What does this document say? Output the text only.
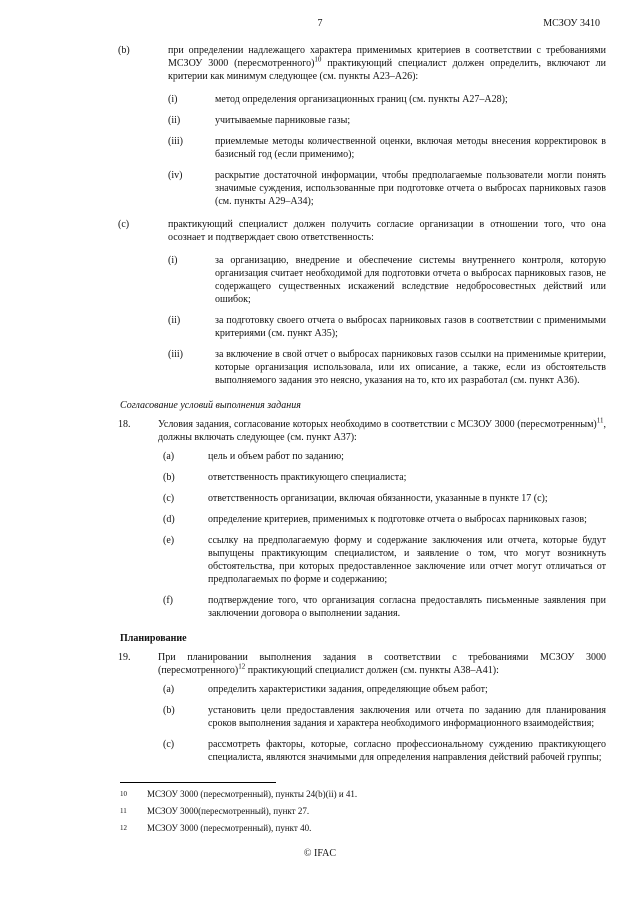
7	МСЗОУ 3410
(b)	при определении надлежащего характера применимых критериев в соответствии с требованиями МСЗОУ 3000 (пересмотренного)$^{10}$ практикующий специалист должен определить, включают ли критерии как минимум следующее (см. пункты А23–А26):
(i)	метод определения организационных границ (см. пункты А27–А28);
(ii)	учитываемые парниковые газы;
(iii)	приемлемые методы количественной оценки, включая методы внесения корректировок в базисный год (если применимо);
(iv)	раскрытие достаточной информации, чтобы предполагаемые пользователи могли понять значимые суждения, использованные при подготовке отчета о выбросах парниковых газов (см. пункты А29–А34);
(c)	практикующий специалист должен получить согласие организации в отношении того, что она осознает и подтверждает свою ответственность:
(i)	за организацию, внедрение и обеспечение системы внутреннего контроля, которую организация считает необходимой для подготовки отчета о выбросах парниковых газов, не содержащего существенных искажений вследствие недобросовестных действий или ошибок;
(ii)	за подготовку своего отчета о выбросах парниковых газов в соответствии с применимыми критериями (см. пункт А35);
(iii)	за включение в свой отчет о выбросах парниковых газов ссылки на применимые критерии, которые организация использовала, или их описание, а также, если из обстоятельств выполняемого задания это неясно, указания на то, кто их разработал (см. пункт А36).
Согласование условий выполнения задания
18.	Условия задания, согласование которых необходимо в соответствии с МСЗОУ 3000 (пересмотренным)$^{11}$, должны включать следующее (см. пункт А37):
(a)	цель и объем работ по заданию;
(b)	ответственность практикующего специалиста;
(c)	ответственность организации, включая обязанности, указанные в пункте 17 (c);
(d)	определение критериев, применимых к подготовке отчета о выбросах парниковых газов;
(e)	ссылку на предполагаемую форму и содержание заключения или отчета, которые будут выпущены практикующим специалистом, и заявление о том, что могут возникнуть обстоятельства, при которых предоставленное заключение или отчет могут отличаться от предполагаемых по форме и содержанию;
(f)	подтверждение того, что организация согласна предоставлять письменные заявления при заключении договора о выполнении задания.
Планирование
19.	При планировании выполнения задания в соответствии с требованиями МСЗОУ 3000 (пересмотренного)$^{12}$ практикующий специалист должен (см. пункты А38–А41):
(a)	определить характеристики задания, определяющие объем работ;
(b)	установить цели предоставления заключения или отчета по заданию для планирования сроков выполнения задания и характера необходимого информационного взаимодействия;
(c)	рассмотреть факторы, которые, согласно профессиональному суждению практикующего специалиста, являются значимыми для определения направления действий рабочей группы;
10 МСЗОУ 3000 (пересмотренный), пункты 24(b)(ii) и 41.
11 МСЗОУ 3000(пересмотренный), пункт 27.
12 МСЗОУ 3000 (пересмотренный), пункт 40.
© IFAC
